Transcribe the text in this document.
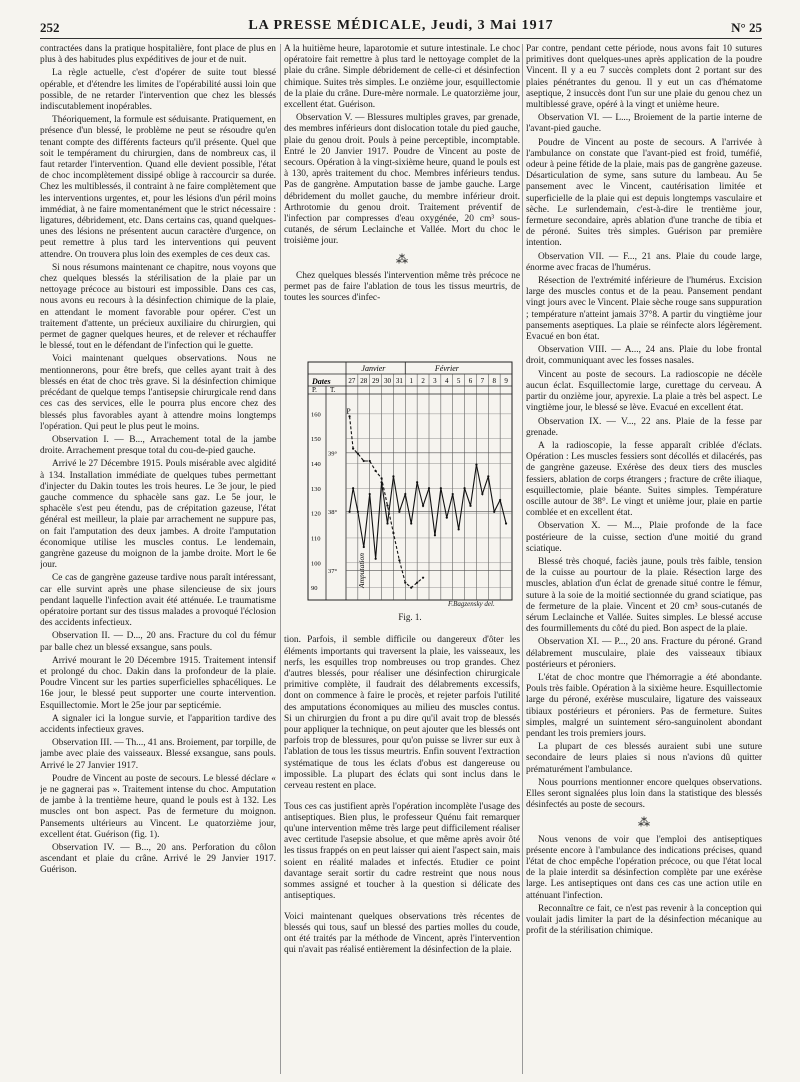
252	LA PRESSE MÉDICALE, Jeudi, 3 Mai 1917	N° 25

contractées dans la pratique hospitalière, font place de plus en plus à des habitudes plus expéditives de jour et de nuit.

La règle actuelle, c'est d'opérer de suite tout blessé opérable, et d'étendre les limites de l'opérabilité aussi loin que possible, de ne retarder l'intervention que chez les blessés indiscutablement inopérables.

Théoriquement, la formule est séduisante. Pratiquement, en présence d'un blessé, le problème ne peut se résoudre qu'en tenant compte des différents facteurs qu'il présente. Quel que soit le tempérament du chirurgien, dans de nombreux cas, il faut retarder l'intervention. Quand elle devient possible, l'état de choc incomplètement dissipé oblige à raccourcir sa durée. Chez les multiblessés, il contraint à ne faire complètement que les interventions urgentes, et, pour les lésions d'un péril moins immédiat, à ne faire momentanément que le strict nécessaire : ligatures, débridement, etc. Dans certains cas, quand quelques-unes des lésions ne présentent aucun caractère d'urgence, on peut remettre à plus tard les interventions qui peuvent attendre. On trouvera plus loin des exemples de ces deux cas.

Si nous résumons maintenant ce chapitre, nous voyons que chez quelques blessés la stérilisation de la plaie par un nettoyage précoce au bistouri est impossible. Dans ces cas, nous avons eu recours à la désinfection chimique de la plaie, en attendant le moment favorable pour opérer. C'est un traitement d'attente, un précieux auxiliaire du chirurgien, qui permet de gagner quelques heures, et de relever et réchauffer le blessé, tout en le défendant de l'infection qui le guette.

Voici maintenant quelques observations. Nous ne mentionnerons, pour être brefs, que celles ayant trait à des blessés en état de choc très grave. Si la désinfection chimique précédant de quelque temps l'antisepsie chirurgicale rend dans ces cas des services, elle le pourra plus encore chez des blessés plus favorables ayant à attendre moins longtemps l'opération. Qui peut le plus peut le moins.

Observation I. — B..., Arrachement total de la jambe droite. Arrachement presque total du cou-de-pied gauche.

Arrivé le 27 Décembre 1915. Pouls misérable avec algidité à 134. Installation immédiate de quelques tubes permettant d'injecter du Dakin toutes les trois heures. Le 3e jour, le pied gauche commence du sphacèle sans gaz. Le 5e jour, le sphacèle s'est peu étendu, pas de crépitation gazeuse, l'état général est meilleur, la plaie par arrachement ne suppure pas, on fait l'amputation des deux jambes. A droite l'amputation économique utilise les muscles contus. Le lendemain, gangrène gazeuse du moignon de la jambe droite. Mort le 6e jour.

Ce cas de gangrène gazeuse tardive nous paraît intéressant, car elle survint après une phase silencieuse de six jours pendant laquelle l'infection avait été atténuée. Le traumatisme opératoire portant sur des tissus malades a provoqué l'éclosion des accidents infectieux.

Observation II. — D..., 20 ans. Fracture du col du fémur par balle chez un blessé exsangue, sans pouls.

Arrivé mourant le 20 Décembre 1915. Traitement intensif et prolongé du choc. Dakin dans la profondeur de la plaie. Poudre Vincent sur les parties superficielles sphacéliques. Le 16e jour, le blessé peut supporter une courte intervention. Esquillectomie. Mort le 25e jour par septicémie.

A signaler ici la longue survie, et l'apparition tardive des accidents infectieux graves.

Observation III. — Th..., 41 ans. Broiement, par torpille, de jambe avec plaie des vaisseaux. Blessé exsangue, sans pouls. Arrivé le 27 Janvier 1917.

Poudre de Vincent au poste de secours. Le blessé déclare « je ne gagnerai pas ». Traitement intense du choc. Amputation de jambe à la trentième heure, quand le pouls est à 132. Les muscles ont bon aspect. Pas de fermeture du moignon. Pansements ultérieurs au Vincent. Le quatorzième jour, excellent état. Guérison (fig. 1).

Observation IV. — B..., 20 ans. Perforation du côlon ascendant et plaie du crâne. Arrivé le 29 Janvier 1917. Guérison.

A la huitième heure, laparotomie et suture intestinale. Le choc opératoire fait remettre à plus tard le nettoyage complet de la plaie du crâne. Simple débridement de celle-ci et désinfection chimique. Suites très simples. Le onzième jour, esquillectomie de la plaie du crâne. Dure-mère normale. Le quatorzième jour, excellent état. Guérison.

Observation V. — Blessures multiples graves, par grenade, des membres inférieurs dont dislocation totale du pied gauche, plaie du genou droit. Pouls à peine perceptible, incomptable. Entré le 20 Janvier 1917. Poudre de Vincent au poste de secours. Opération à la vingt-sixième heure, quand le pouls est à 130, après traitement du choc. Membres inférieurs tendus. Pas de gangrène. Amputation basse de jambe gauche. Large débridement du mollet gauche, du membre inférieur droit. Arthrotomie du genou droit. Traitement préventif de l'infection par compresses d'eau oxygénée, 20 cm³ sous-cutanés, de sérum Leclainche et Vallée. Mort du choc le troisième jour.

⁂

Chez quelques blessés l'intervention même très précoce ne permet pas de faire l'ablation de tous les tissus meurtris, de toutes les sources d'infec-

Dates
Janvier	Février
P. T.
27 28 29 30 31 1 2 3 4 5 6 7 8 9
160
150
140
130
120
110
100
90
39°
38°
37°	Amputation
P
F.Bagzensky del.
Fig. 1.

tion. Parfois, il semble difficile ou dangereux d'ôter les éléments importants qui traversent la plaie, les vaisseaux, les nerfs, les esquilles trop nombreuses ou trop grandes. Chez d'autres blessés, pour réaliser une désinfection chirurgicale primitive complète, il faudrait des délabrements excessifs, dont on commence à faire le procès, et rejeter parfois l'utilité des amputations économiques au milieu des muscles contus. Si un chirurgien du front a pu dire qu'il avait trop de blessés pour appliquer la technique, on peut ajouter que les blessés ont parfois trop de blessures, pour qu'on puisse se livrer sur eux à l'ablation de tous les tissus meurtris. Enfin souvent l'extraction systématique de tous les éclats d'obus est dangereuse ou impossible. La plupart des éclats qui sont inclus dans le cerveau restent en place.

Tous ces cas justifient après l'opération incomplète l'usage des antiseptiques. Bien plus, le professeur Quénu fait remarquer qu'une intervention même très large peut difficilement réaliser avec certitude l'asepsie absolue, et que même après avoir ôté les tissus frappés on en peut laisser qui aient l'aspect sain, mais soient en réalité malades et infectés. Etudier ce point davantage serait sortir du cadre restreint que nous nous sommes assigné et toucher à la question si délicate des antiseptiques.

Voici maintenant quelques observations très récentes de blessés qui tous, sauf un blessé des parties molles du coude, ont été traités par la méthode de Vincent, après l'intervention qui n'avait pas réalisé entièrement la désinfection de la plaie.

Par contre, pendant cette période, nous avons fait 10 sutures primitives dont quelques-unes après application de la poudre Vincent. Il y a eu 7 succès complets dont 2 portant sur des plaies pénétrantes du genou. Il y eut un cas d'hématome aseptique, 2 insuccès dont l'un sur une plaie du genou chez un multiblessé grave, opéré à la vingt et unième heure.

Observation VI. — L..., Broiement de la partie interne de l'avant-pied gauche.

Poudre de Vincent au poste de secours. A l'arrivée à l'ambulance on constate que l'avant-pied est froid, tuméfié, odeur à peine fétide de la plaie, mais pas de gangrène gazeuse. Désarticulation de syme, sans suture du lambeau. Au 5e pansement avec le Vincent, cautérisation limitée et superficielle de la plaie qui est depuis longtemps vasculaire et sèche. Le surlendemain, c'est-à-dire le trentième jour, fermeture secondaire, après ablation d'une tranche de tibia et de péroné. Suites très simples. Guérison par première intention.

Observation VII. — F..., 21 ans. Plaie du coude large, énorme avec fracas de l'humérus.

Résection de l'extrémité inférieure de l'humérus. Excision large des muscles contus et de la peau. Pansement pendant vingt jours avec le Vincent. Plaie sèche rouge sans suppuration ; température n'atteint jamais 37°8. A partir du vingtième jour pansements aseptiques. La plaie se réinfecte alors légèrement. Evacué en bon état.

Observation VIII. — A..., 24 ans. Plaie du lobe frontal droit, communiquant avec les fosses nasales.

Vincent au poste de secours. La radioscopie ne décèle aucun éclat. Esquillectomie large, curettage du cerveau. A partir du onzième jour, apyrexie. La plaie a très bel aspect. Le vingtième jour, le blessé se lève. Evacué en excellent état.

Observation IX. — V..., 22 ans. Plaie de la fesse par grenade.

A la radioscopie, la fesse apparaît criblée d'éclats. Opération : Les muscles fessiers sont décollés et dilacérés, pas de gangrène gazeuse. Exérèse des deux tiers des muscles fessiers, ablation de corps étrangers ; fracture de crête iliaque, esquillectomie, plaie béante. Suites simples. Température oscille autour de 38°. Le vingt et unième jour, plaie en partie comblée et en excellent état.

Observation X. — M..., Plaie profonde de la face postérieure de la cuisse, section d'une moitié du grand sciatique.

Blessé très choqué, faciès jaune, pouls très faible, tension de la cuisse au pourtour de la plaie. Résection large des muscles, ablation d'un éclat de grenade situé contre le fémur, suture à la soie de la moitié sectionnée du grand sciatique, pas de fermeture de la plaie. Vincent et 20 cm³ sous-cutanés de sérum Leclainche et Vallée. Suites simples. Le blessé accuse des fourmillements du côté du pied. Bon aspect de la plaie.

Observation XI. — P..., 20 ans. Fracture du péroné. Grand délabrement musculaire, plaie des vaisseaux tibiaux postérieurs et péroniers.

L'état de choc montre que l'hémorragie a été abondante. Pouls très faible. Opération à la sixième heure. Esquillectomie large du péroné, exérèse musculaire, ligature des vaisseaux tibiaux postérieurs et péroniers. Pas de fermeture. Suites simples, malgré un suintement séro-sanguinolent abondant pendant les trois premiers jours.

La plupart de ces blessés auraient subi une suture secondaire de leurs plaies si nous n'avions dû quitter prématurément l'ambulance.

Nous pourrions mentionner encore quelques observations. Elles seront signalées plus loin dans la statistique des blessés désinfectés au poste de secours.

⁂

Nous venons de voir que l'emploi des antiseptiques présente encore à l'ambulance des indications précises, quand l'état de choc empêche l'opération précoce, ou que l'état local de la plaie interdit sa désinfection complète par une exérèse large. Les antiseptiques ont dans ces cas une action utile en atténuant l'infection.

Reconnaître ce fait, ce n'est pas revenir à la conception qui voulait jadis limiter la part de la désinfection mécanique au profit de la stérilisation chimique.
